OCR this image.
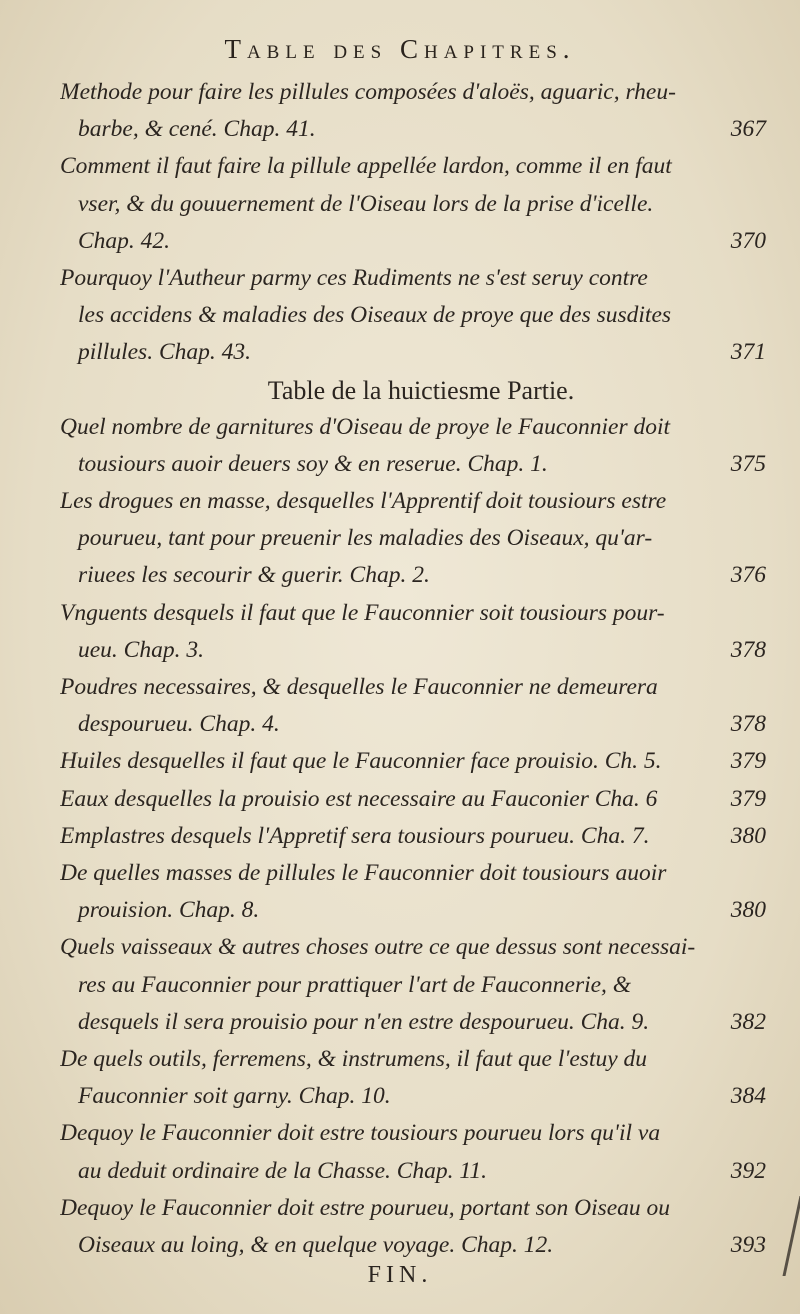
Table des Chapitres.
Methode pour faire les pillules composées d'aloës, aguaric, rheu-
barbe, & cené. Chap. 41.	367
Comment il faut faire la pillule appellée lardon, comme il en faut
vser, & du gouuernement de l'Oiseau lors de la prise d'icelle.
Chap. 42.	370
Pourquoy l'Autheur parmy ces Rudiments ne s'est seruy contre
les accidens & maladies des Oiseaux de proye que des susdites
pillules. Chap. 43.	371
Table de la huictiesme Partie.
Quel nombre de garnitures d'Oiseau de proye le Fauconnier doit
tousiours auoir deuers soy & en reserue. Chap. 1.	375
Les drogues en masse, desquelles l'Apprentif doit tousiours estre
pourueu, tant pour preuenir les maladies des Oiseaux, qu'ar-
riuees les secourir & guerir. Chap. 2.	376
Vnguents desquels il faut que le Fauconnier soit tousiours pour-
ueu. Chap. 3.	378
Poudres necessaires, & desquelles le Fauconnier ne demeurera
despourueu. Chap. 4.	378
Huiles desquelles il faut que le Fauconnier face prouisio. Ch. 5.	379
Eaux desquelles la prouisio est necessaire au Fauconier Cha. 6	379
Emplastres desquels l'Appretif sera tousiours pourueu. Cha. 7.	380
De quelles masses de pillules le Fauconnier doit tousiours auoir
prouision. Chap. 8.	380
Quels vaisseaux & autres choses outre ce que dessus sont necessai-
res au Fauconnier pour prattiquer l'art de Fauconnerie, &
desquels il sera prouisio pour n'en estre despourueu. Cha. 9.	382
De quels outils, ferremens, & instrumens, il faut que l'estuy du
Fauconnier soit garny. Chap. 10.	384
Dequoy le Fauconnier doit estre tousiours pourueu lors qu'il va
au deduit ordinaire de la Chasse. Chap. 11.	392
Dequoy le Fauconnier doit estre pourueu, portant son Oiseau ou
Oiseaux au loing, & en quelque voyage. Chap. 12.	393
FIN.
